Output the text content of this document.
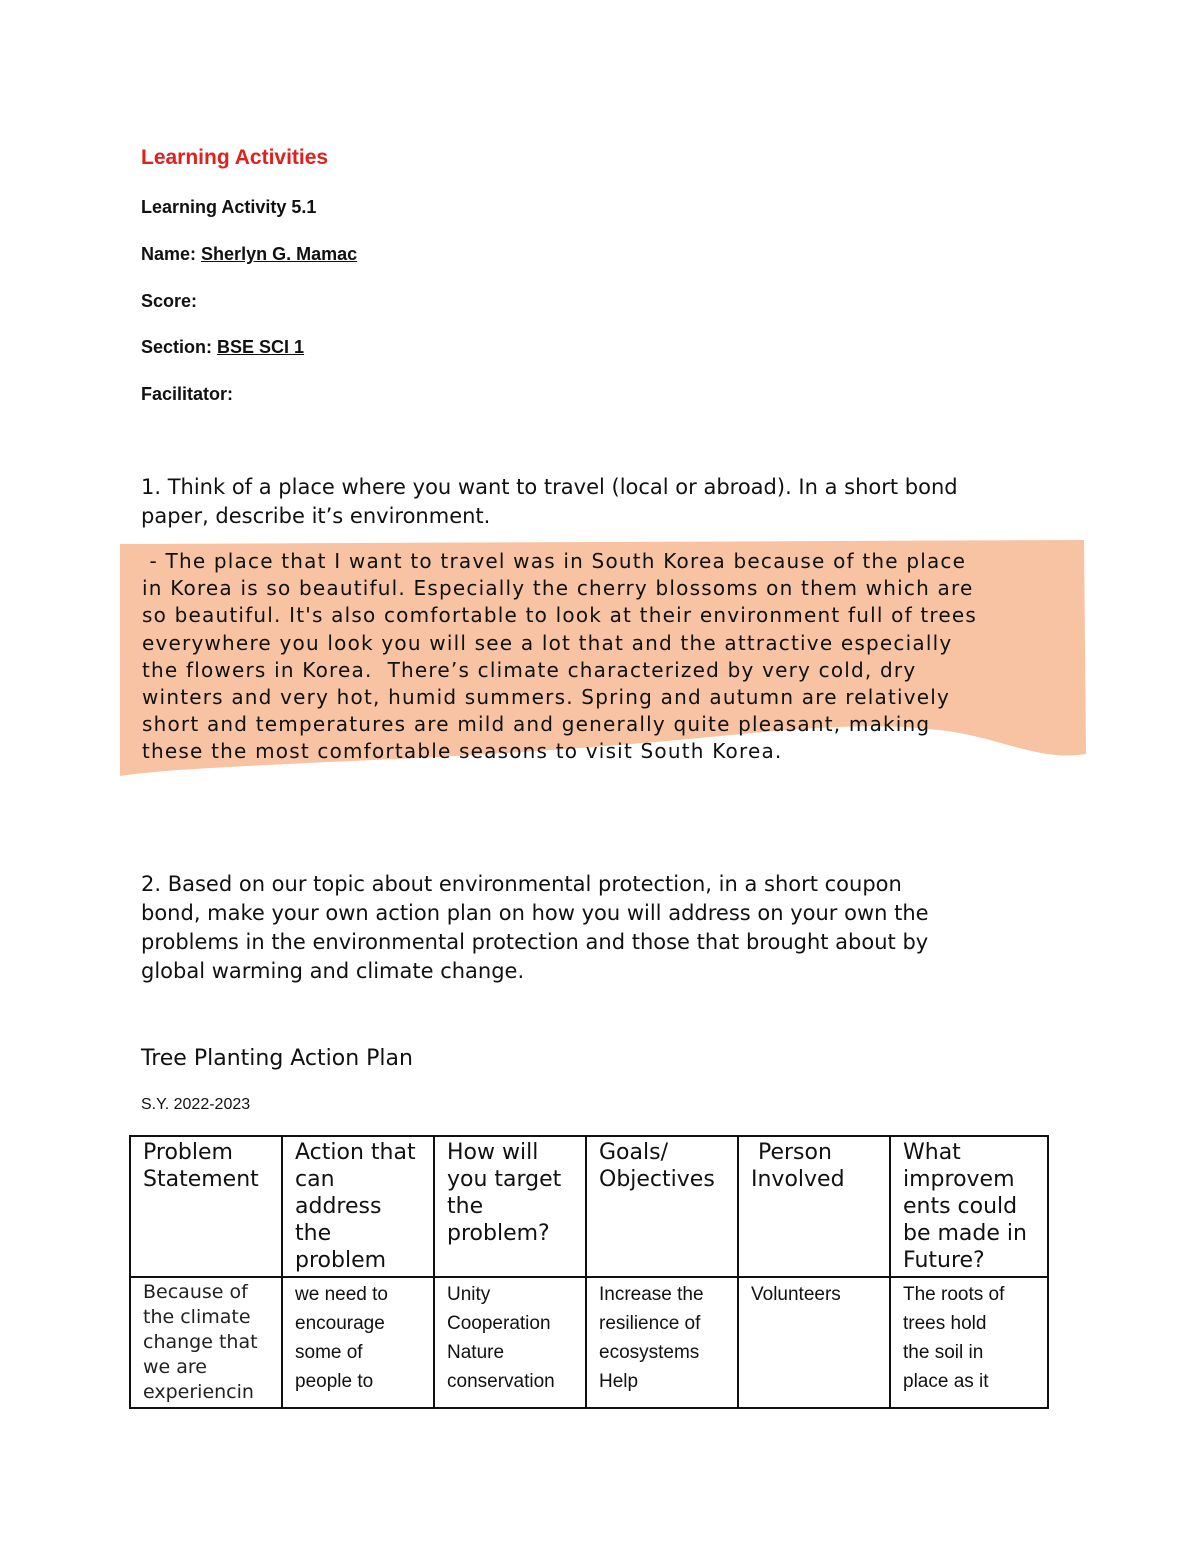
Learning Activities
Learning Activity 5.1
Name: Sherlyn G. Mamac
Score:
Section: BSE SCI 1
Facilitator:
1. Think of a place where you want to travel (local or abroad). In a short bond
paper, describe it’s environment.
- The place that I want to travel was in South Korea because of the place
in Korea is so beautiful. Especially the cherry blossoms on them which are
so beautiful. It's also comfortable to look at their environment full of trees
everywhere you look you will see a lot that and the attractive especially
the flowers in Korea.  There’s climate characterized by very cold, dry
winters and very hot, humid summers. Spring and autumn are relatively
short and temperatures are mild and generally quite pleasant, making
these the most comfortable seasons to visit South Korea.
2. Based on our topic about environmental protection, in a short coupon
bond, make your own action plan on how you will address on your own the
problems in the environmental protection and those that brought about by
global warming and climate change.
Tree Planting Action Plan
S.Y. 2022-2023
Problem
Statement	Action that
can
address
the
problem	How will
you target
the
problem?	Goals/
Objectives	Person
Involved	What
improvem
ents could
be made in
Future?

Because of
the climate
change that
we are
experiencin	we need to
encourage
some of
people to	Unity
Cooperation
Nature
conservation	Increase the
resilience of
ecosystems
Help	Volunteers	The roots of
trees hold
the soil in
place as it
